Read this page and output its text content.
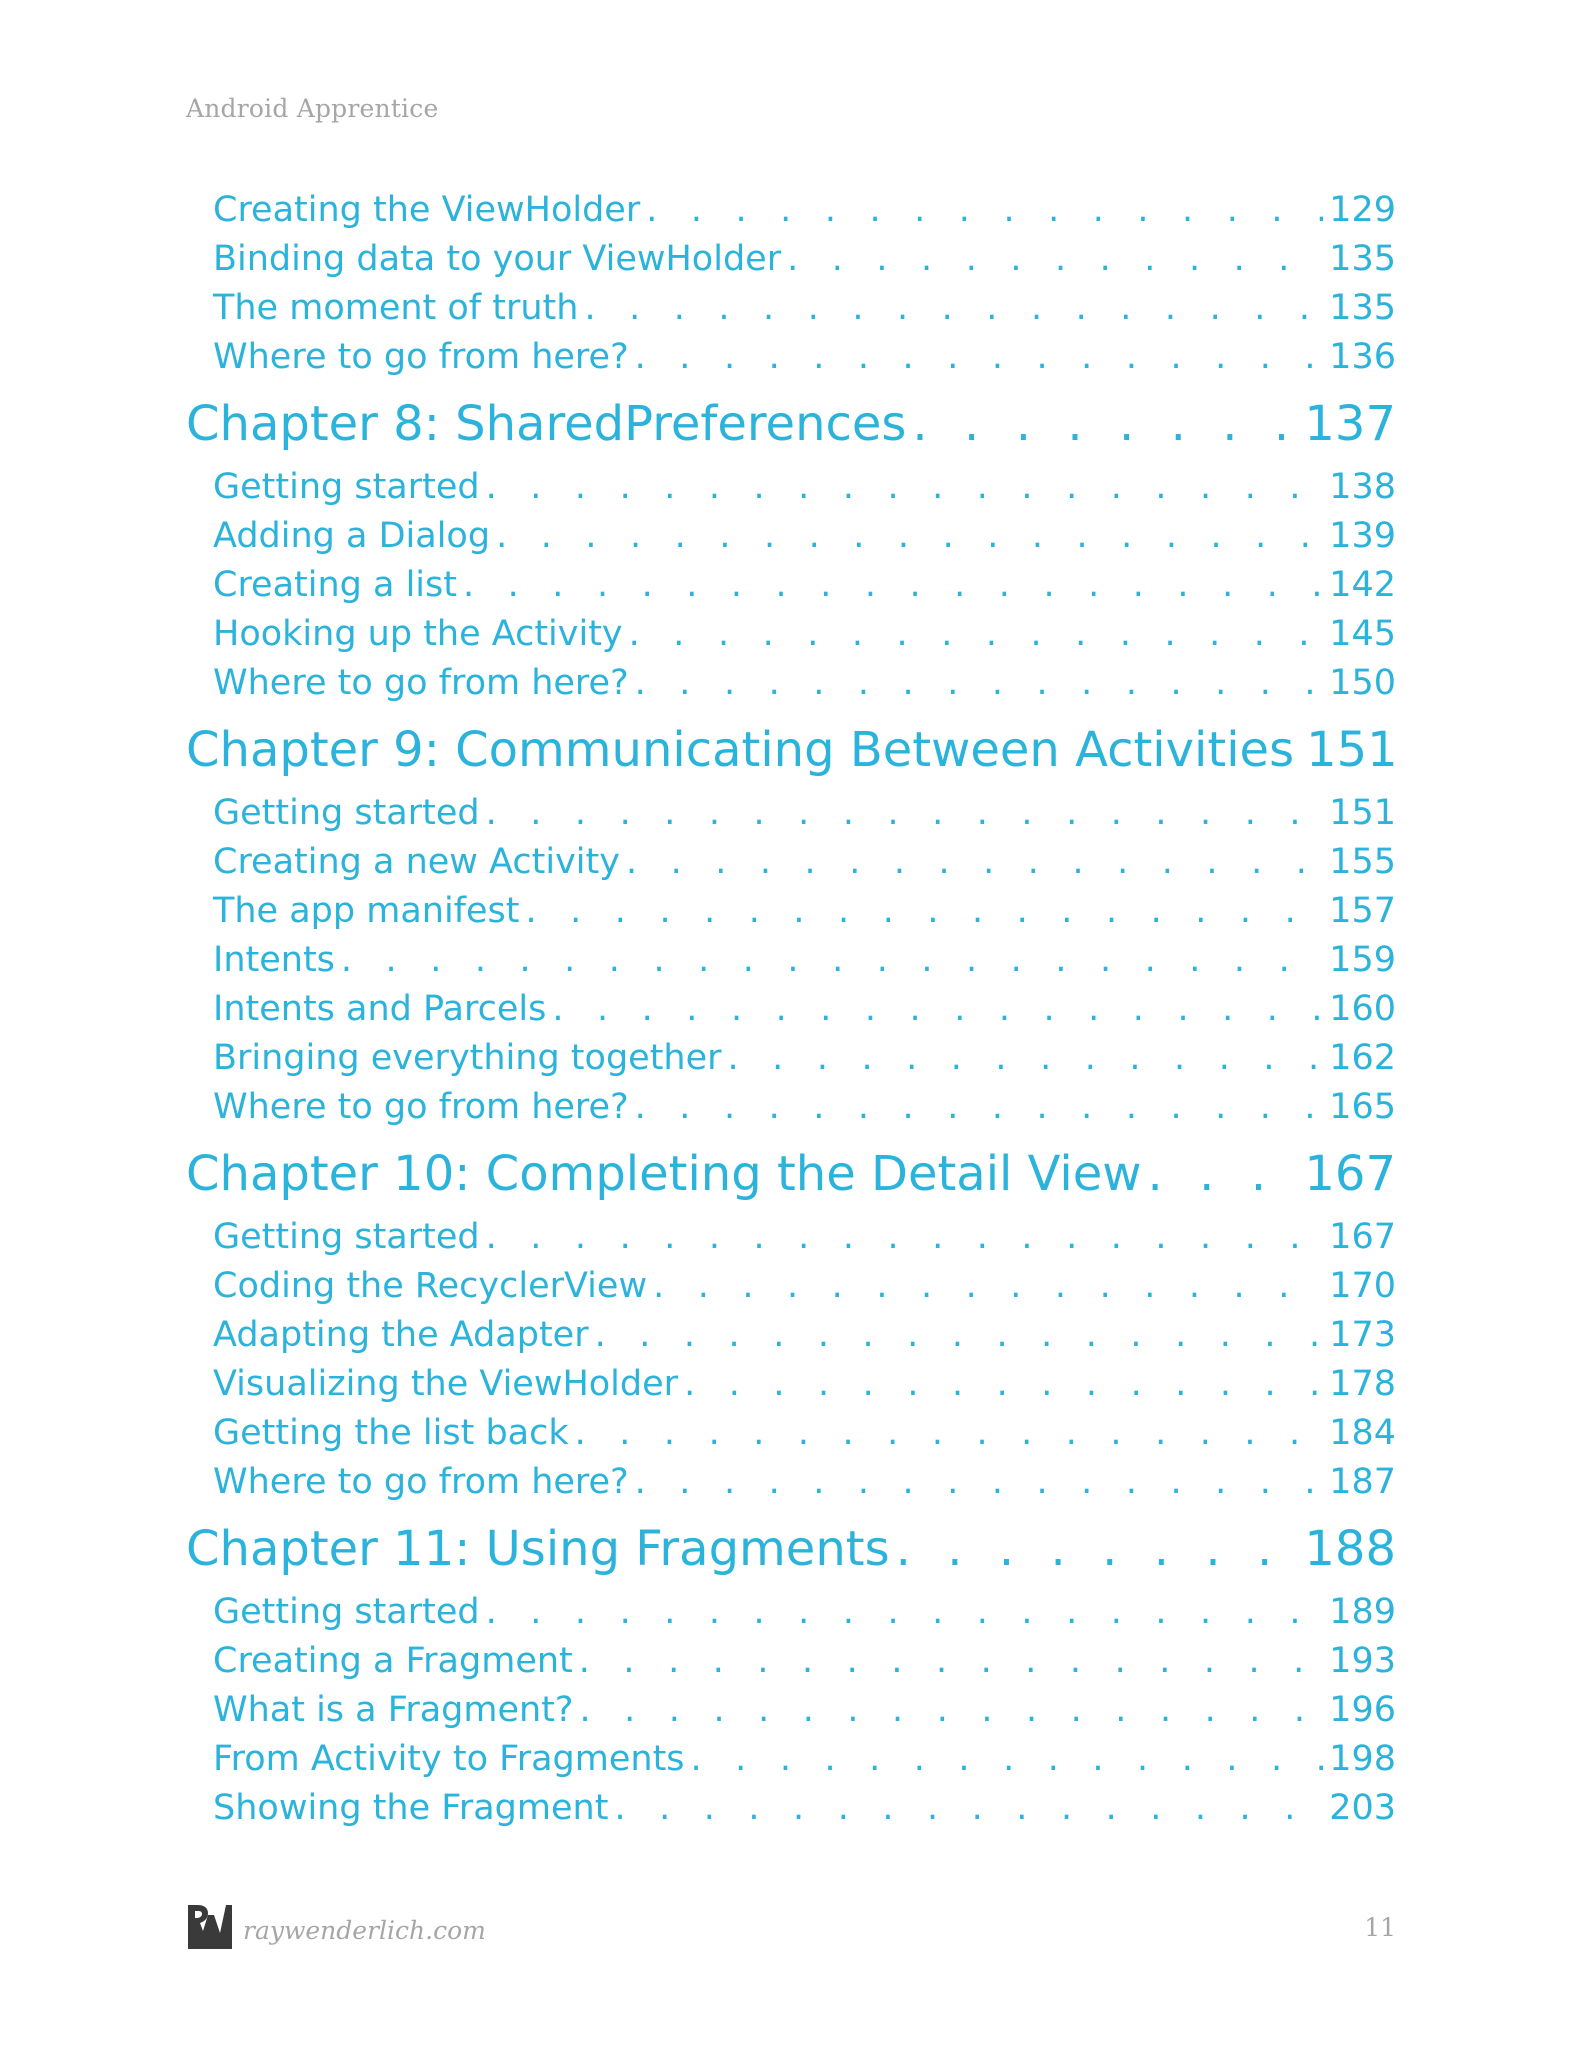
Android Apprentice
Creating the ViewHolder . . .	129
Binding data to your ViewHolder . . .	135
The moment of truth . . .	135
Where to go from here? . . .	136
Chapter 8: SharedPreferences . . .	137
Getting started . . .	138
Adding a Dialog . . .	139
Creating a list . . .	142
Hooking up the Activity . . .	145
Where to go from here? . . .	150
Chapter 9: Communicating Between Activities 151
Getting started . . .	151
Creating a new Activity . . .	155
The app manifest . . .	157
Intents . . .	159
Intents and Parcels . . .	160
Bringing everything together . . .	162
Where to go from here? . . .	165
Chapter 10: Completing the Detail View . . .	167
Getting started . . .	167
Coding the RecyclerView . . .	170
Adapting the Adapter . . .	173
Visualizing the ViewHolder . . .	178
Getting the list back . . .	184
Where to go from here? . . .	187
Chapter 11: Using Fragments . . .	188
Getting started . . .	189
Creating a Fragment . . .	193
What is a Fragment? . . .	196
From Activity to Fragments . . .	198
Showing the Fragment . . .	203
raywenderlich.com	11
